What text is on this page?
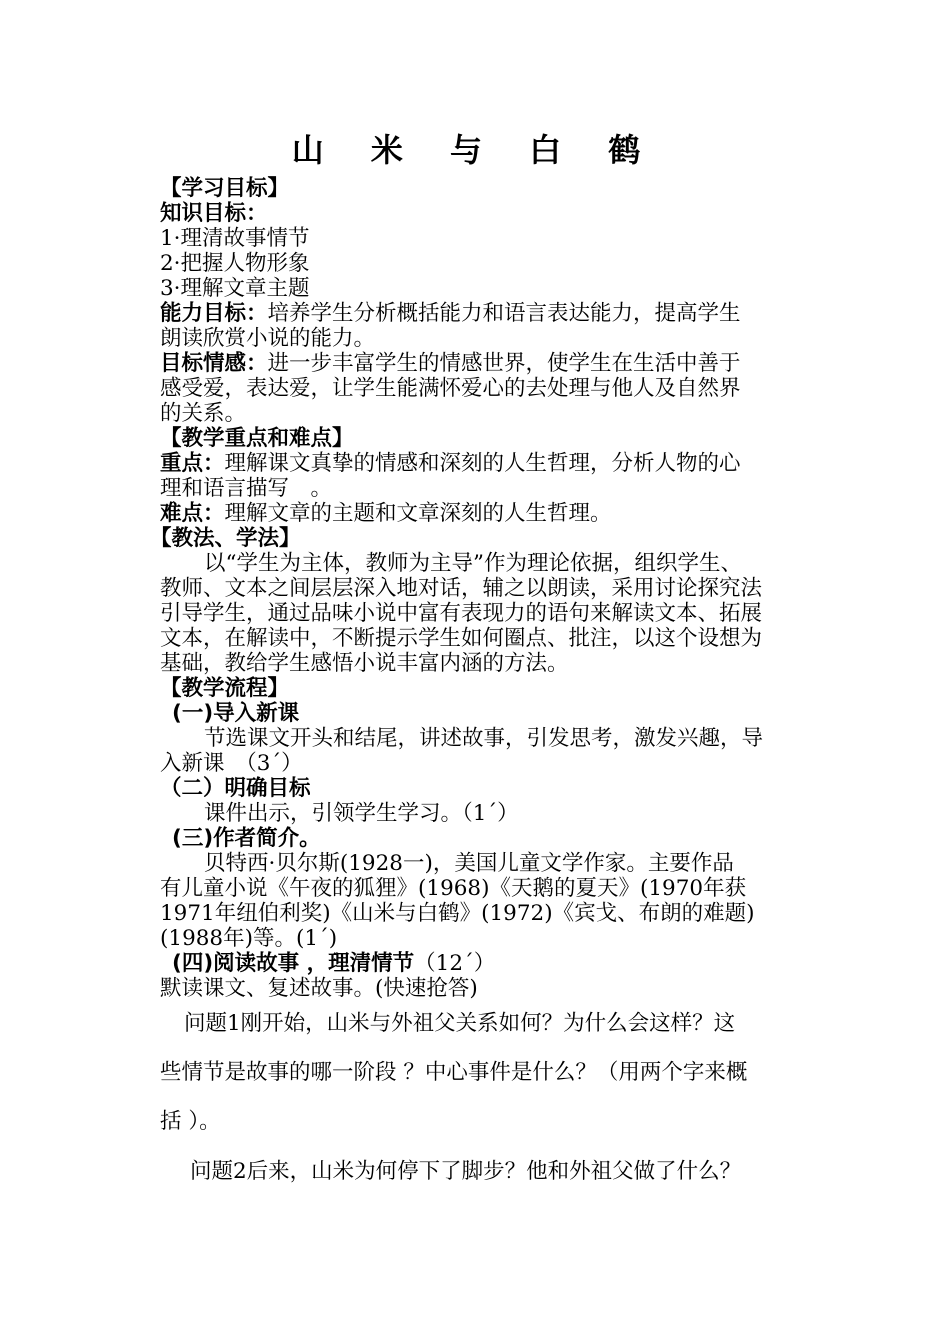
山 米 与 白 鹤
【学习目标】
知识目标：
1·理清故事情节
2·把握人物形象
3·理解文章主题
能力目标：培养学生分析概括能力和语言表达能力，提高学生
朗读欣赏小说的能力。
目标情感：进一步丰富学生的情感世界，使学生在生活中善于
感受爱，表达爱，让学生能满怀爱心的去处理与他人及自然界
的关系。
【教学重点和难点】
重点：理解课文真挚的情感和深刻的人生哲理，分析人物的心
理和语言描写　。
难点：理解文章的主题和文章深刻的人生哲理。
【教法、学法】
以“学生为主体，教师为主导”作为理论依据，组织学生、
教师、文本之间层层深入地对话，辅之以朗读，采用讨论探究法
引导学生，通过品味小说中富有表现力的语句来解读文本、拓展
文本，在解读中，不断提示学生如何圈点、批注，以这个设想为
基础，教给学生感悟小说丰富内涵的方法。
【教学流程】
(一)导入新课
节选课文开头和结尾，讲述故事，引发思考，激发兴趣，导
入新课　（3´）
（二）明确目标
课件出示，引领学生学习。（1´）
(三)作者简介。
贝特西·贝尔斯(1928一)，美国儿童文学作家。主要作品
有儿童小说《午夜的狐狸》(1968)《天鹅的夏天》(1970年获
1971年纽伯利奖)《山米与白鹤》(1972)《宾戈、布朗的难题)
(1988年)等。(1´)
(四)阅读故事 ，理清情节（12´）
默读课文、复述故事。(快速抢答)
问题1刚开始，山米与外祖父关系如何？为什么会这样？这
些情节是故事的哪一阶段 ？中心事件是什么？（用两个字来概
括 ）。
问题2后来，山米为何停下了脚步？他和外祖父做了什么？
